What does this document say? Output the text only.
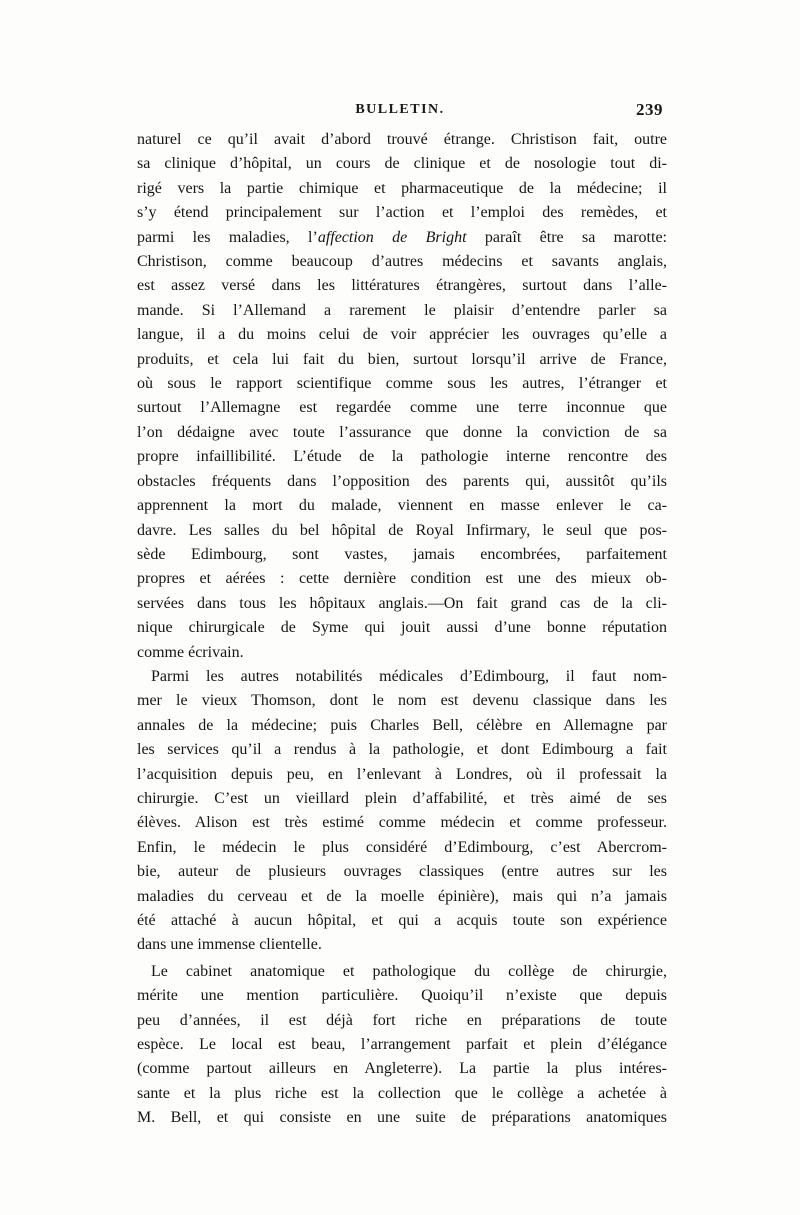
BULLETIN.	239
naturel ce qu’il avait d’abord trouvé étrange. Christison fait, outre
sa clinique d’hôpital, un cours de clinique et de nosologie tout di-
rigé vers la partie chimique et pharmaceutique de la médecine; il
s’y étend principalement sur l’action et l’emploi des remèdes, et
parmi les maladies, l’affection de Bright paraît être sa marotte:
Christison, comme beaucoup d’autres médecins et savants anglais,
est assez versé dans les littératures étrangères, surtout dans l’alle-
mande. Si l’Allemand a rarement le plaisir d’entendre parler sa
langue, il a du moins celui de voir apprécier les ouvrages qu’elle a
produits, et cela lui fait du bien, surtout lorsqu’il arrive de France,
où sous le rapport scientifique comme sous les autres, l’étranger et
surtout l’Allemagne est regardée comme une terre inconnue que
l’on dédaigne avec toute l’assurance que donne la conviction de sa
propre infaillibilité. L’étude de la pathologie interne rencontre des
obstacles fréquents dans l’opposition des parents qui, aussitôt qu’ils
apprennent la mort du malade, viennent en masse enlever le ca-
davre. Les salles du bel hôpital de Royal Infirmary, le seul que pos-
sède Edimbourg, sont vastes, jamais encombrées, parfaitement
propres et aérées : cette dernière condition est une des mieux ob-
servées dans tous les hôpitaux anglais.—On fait grand cas de la cli-
nique chirurgicale de Syme qui jouit aussi d’une bonne réputation
comme écrivain.
Parmi les autres notabilités médicales d’Edimbourg, il faut nom-
mer le vieux Thomson, dont le nom est devenu classique dans les
annales de la médecine; puis Charles Bell, célèbre en Allemagne par
les services qu’il a rendus à la pathologie, et dont Edimbourg a fait
l’acquisition depuis peu, en l’enlevant à Londres, où il professait la
chirurgie. C’est un vieillard plein d’affabilité, et très aimé de ses
élèves. Alison est très estimé comme médecin et comme professeur.
Enfin, le médecin le plus considéré d’Edimbourg, c’est Abercrom-
bie, auteur de plusieurs ouvrages classiques (entre autres sur les
maladies du cerveau et de la moelle épinière), mais qui n’a jamais
été attaché à aucun hôpital, et qui a acquis toute son expérience
dans une immense clientelle.
Le cabinet anatomique et pathologique du collège de chirurgie,
mérite une mention particulière. Quoiqu’il n’existe que depuis
peu d’années, il est déjà fort riche en préparations de toute
espèce. Le local est beau, l’arrangement parfait et plein d’élégance
(comme partout ailleurs en Angleterre). La partie la plus intéres-
sante et la plus riche est la collection que le collège a achetée à
M. Bell, et qui consiste en une suite de préparations anatomiques
